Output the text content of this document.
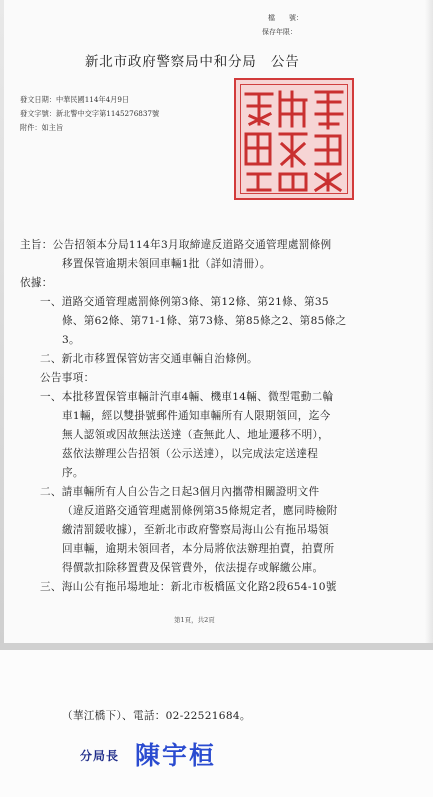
檔　　號：
保存年限：
新北市政府警察局中和分局　公告
發文日期：中華民國114年4月9日
發文字號：新北警中交字第1145276837號
附件：如主旨
主旨：公告招領本分局114年3月取締違反道路交通管理處罰條例
移置保管逾期未領回車輛1批（詳如清冊）。
依據：
一、道路交通管理處罰條例第3條、第12條、第21條、第35
條、第62條、第71-1條、第73條、第85條之2、第85條之
3。
二、新北市移置保管妨害交通車輛自治條例。
公告事項：
一、本批移置保管車輛計汽車4輛、機車14輛、微型電動二輪
車1輛，經以雙掛號郵件通知車輛所有人限期領回，迄今
無人認領或因故無法送達（查無此人、地址遷移不明），
茲依法辦理公告招領（公示送達），以完成法定送達程
序。
二、請車輛所有人自公告之日起3個月內攜帶相關證明文件
（違反道路交通管理處罰條例第35條規定者，應同時檢附
繳清罰鍰收據），至新北市政府警察局海山公有拖吊場領
回車輛，逾期未領回者，本分局將依法辦理拍賣，拍賣所
得價款扣除移置費及保管費外，依法提存或解繳公庫。
三、海山公有拖吊場地址：新北市板橋區文化路2段654-10號
第1頁，共2頁
（華江橋下）、電話：02-22521684。
分局長 陳宇桓
